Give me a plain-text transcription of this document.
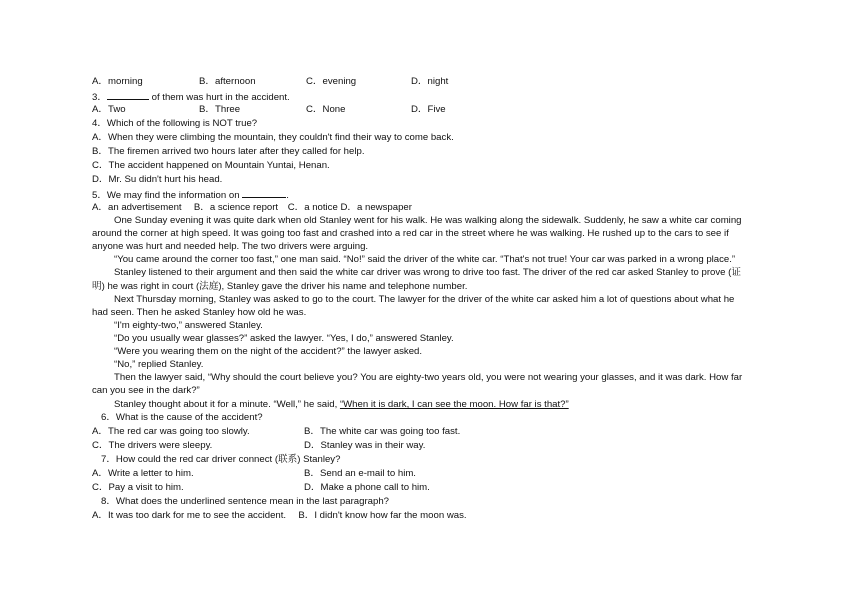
A．morning	B．afternoon	C．evening	D．night
3．	of them was hurt in the accident.
A．Two	B．Three	C．None	D．Five
4．Which of the following is NOT true?
A．When they were climbing the mountain, they couldn't find their way to come back.
B．The firemen arrived two hours later after they called for help.
C．The accident happened on Mountain Yuntai, Henan.
D．Mr. Su didn't hurt his head.
5．We may find the information on	.
A．an advertisement　 B．a science report　C．a notice D．a newspaper
One Sunday evening it was quite dark when old Stanley went for his walk. He was walking along the sidewalk. Suddenly, he saw a white car coming
around the corner at high speed. It was going too fast and crashed into a red car in the street where he was walking. He rushed up to the cars to see if
anyone was hurt and needed help. The two drivers were arguing.
“You came around the corner too fast,” one man said. “No!” said the driver of the white car. “That's not true! Your car was parked in a wrong place.”
Stanley listened to their argument and then said the white car driver was wrong to drive too fast. The driver of the red car asked Stanley to prove (证
明) he was right in court (法庭), Stanley gave the driver his name and telephone number.
Next Thursday morning, Stanley was asked to go to the court. The lawyer for the driver of the white car asked him a lot of questions about what he
had seen. Then he asked Stanley how old he was.
“I'm eighty-two,” answered Stanley.
“Do you usually wear glasses?” asked the lawyer. “Yes, I do,” answered Stanley.
“Were you wearing them on the night of the accident?” the lawyer asked.
“No,” replied Stanley.
Then the lawyer said, “Why should the court believe you? You are eighty-two years old, you were not wearing your glasses, and it was dark. How far
can you see in the dark?”
Stanley thought about it for a minute. “Well,” he said, “When it is dark, I can see the moon. How far is that?”
6．What is the cause of the accident?
A．The red car was going too slowly.	B．The white car was going too fast.
C．The drivers were sleepy.	D．Stanley was in their way.
7．How could the red car driver connect (联系) Stanley?
A．Write a letter to him.	B．Send an e-mail to him.
C．Pay a visit to him.	D．Make a phone call to him.
8．What does the underlined sentence mean in the last paragraph?
A．It was too dark for me to see the accident.　 B．I didn't know how far the moon was.
